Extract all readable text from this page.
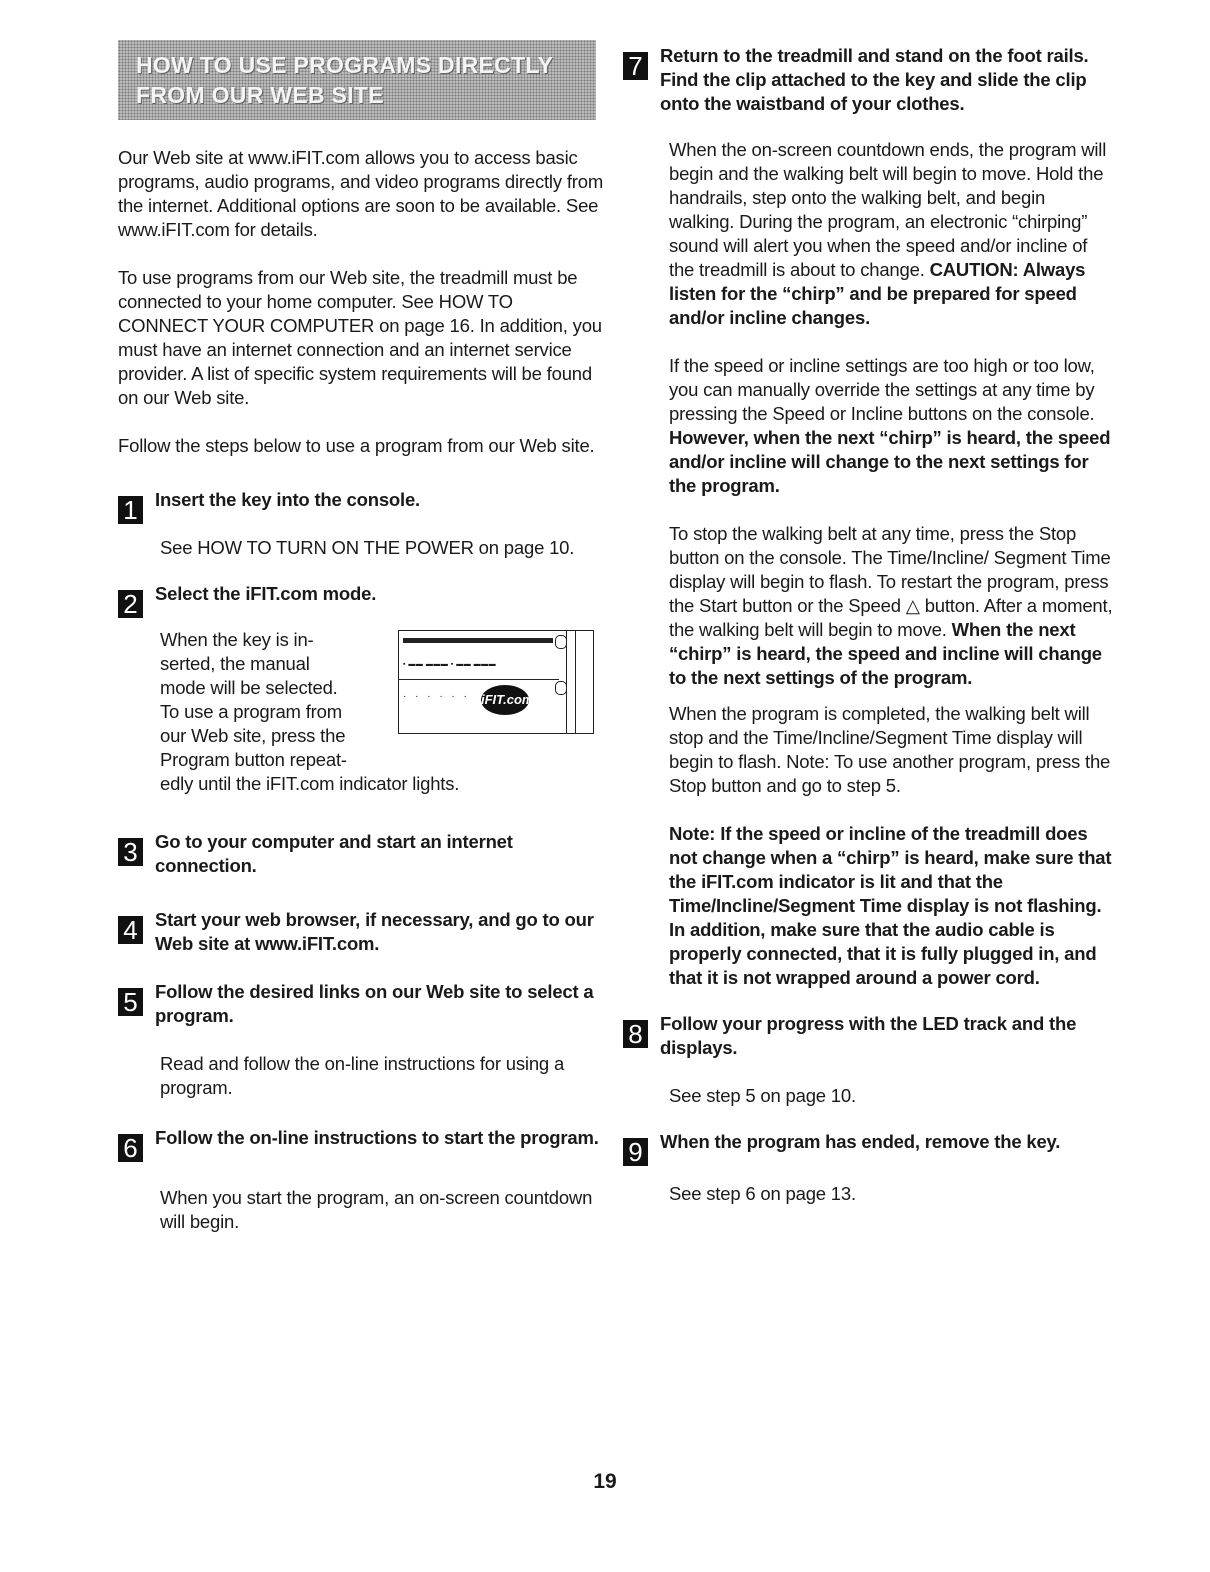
HOW TO USE PROGRAMS DIRECTLY FROM OUR WEB SITE

Our Web site at www.iFIT.com allows you to access basic programs, audio programs, and video programs directly from the internet. Additional options are soon to be available. See www.iFIT.com for details.

To use programs from our Web site, the treadmill must be connected to your home computer. See HOW TO CONNECT YOUR COMPUTER on page 16. In addition, you must have an internet connection and an internet service provider. A list of specific system requirements will be found on our Web site.

Follow the steps below to use a program from our Web site.

1 Insert the key into the console.

See HOW TO TURN ON THE POWER on page 10.

2 Select the iFIT.com mode.

When the key is in-

serted, the manual

mode will be selected.

To use a program from

our Web site, press the

Program button repeat-

edly until the iFIT.com indicator lights.

▪ ▬▬ ▬▬▬ ▪ ▬▬ ▬▬▬
· · · · · · iFIT.com
3 Go to your computer and start an internet connection.
4 Start your web browser, if necessary, and go to our Web site at www.iFIT.com.
5 Follow the desired links on our Web site to select a program.

Read and follow the on-line instructions for using a program.

6 Follow the on-line instructions to start the program.

When you start the program, an on-screen countdown will begin.

7 Return to the treadmill and stand on the foot rails. Find the clip attached to the key and slide the clip onto the waistband of your clothes.

When the on-screen countdown ends, the program will begin and the walking belt will begin to move. Hold the handrails, step onto the walking belt, and begin walking. During the program, an electronic “chirping” sound will alert you when the speed and/or incline of the treadmill is about to change. CAUTION: Always listen for the “chirp” and be prepared for speed and/or incline changes.

If the speed or incline settings are too high or too low, you can manually override the settings at any time by pressing the Speed or Incline buttons on the console. However, when the next “chirp” is heard, the speed and/or incline will change to the next settings for the program.

To stop the walking belt at any time, press the Stop button on the console. The Time/Incline/ Segment Time display will begin to flash. To restart the program, press the Start button or the Speed △ button. After a moment, the walking belt will begin to move. When the next “chirp” is heard, the speed and incline will change to the next settings of the program.

When the program is completed, the walking belt will stop and the Time/Incline/Segment Time display will begin to flash. Note: To use another program, press the Stop button and go to step 5.

Note: If the speed or incline of the treadmill does not change when a “chirp” is heard, make sure that the iFIT.com indicator is lit and that the Time/Incline/Segment Time display is not flashing. In addition, make sure that the audio cable is properly connected, that it is fully plugged in, and that it is not wrapped around a power cord.

8 Follow your progress with the LED track and the displays.

See step 5 on page 10.

9 When the program has ended, remove the key.

See step 6 on page 13.

19
